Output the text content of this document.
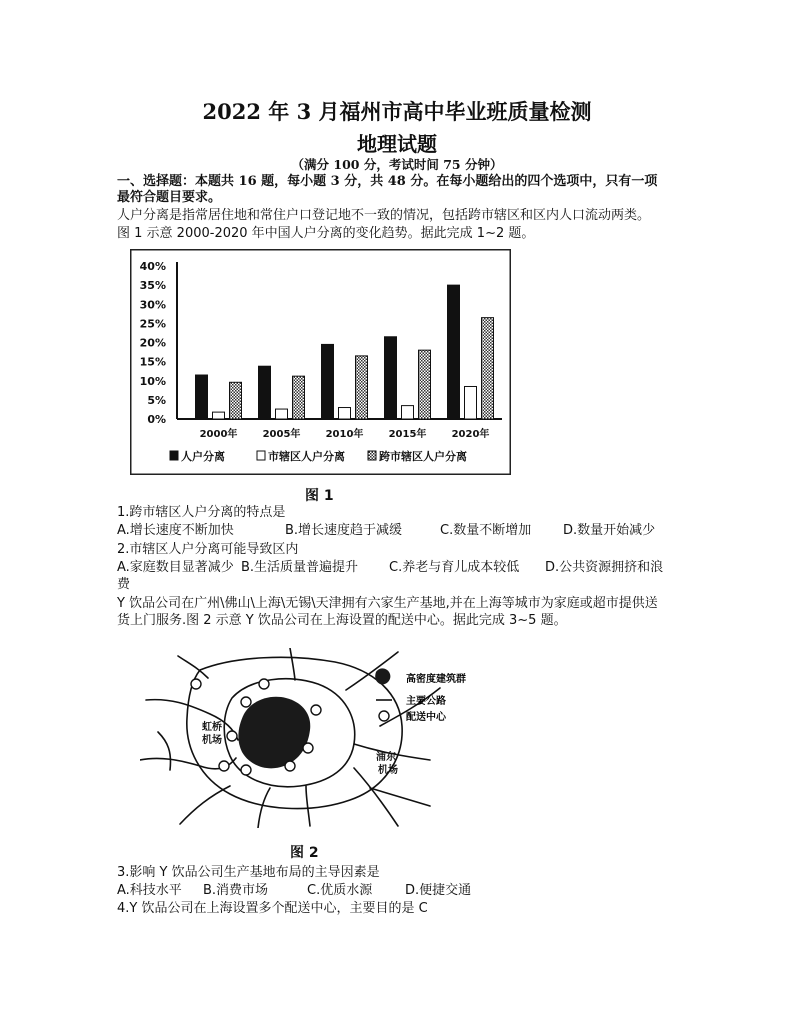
2022 年 3 月福州市高中毕业班质量检测
地理试题
（满分 100 分，考试时间 75 分钟）
一、选择题：本题共 16 题，每小题 3 分，共 48 分。在每小题给出的四个选项中，只有一项
最符合题目要求。
人户分离是指常居住地和常住户口登记地不一致的情况，包括跨市辖区和区内人口流动两类。
图 1 示意 2000-2020 年中国人户分离的变化趋势。据此完成 1~2 题。
0%
5%
10%
15%
20%
25%
30%
35%
40%
2000年	2005年	2010年	2015年	2020年
人户分离	市辖区人户分离	跨市辖区人户分离
图 1
1.跨市辖区人户分离的特点是
A.增长速度不断加快	B.增长速度趋于减缓	C.数量不断增加 D.数量开始减少
2.市辖区人户分离可能导致区内
A.家庭数目显著减少 B.生活质量普遍提升 C.养老与育儿成本较低 D.公共资源拥挤和浪
费
Y 饮品公司在广州\佛山\上海\无锡\天津拥有六家生产基地,并在上海等城市为家庭或超市提供送
货上门服务.图 2 示意 Y 饮品公司在上海设置的配送中心。据此完成 3~5 题。
虹桥
机场
浦东
机场
高密度建筑群
主要公路
配送中心
图 2
3.影响 Y 饮品公司生产基地布局的主导因素是
A.科技水平 B.消费市场	C.优质水源	D.便捷交通
4.Y 饮品公司在上海设置多个配送中心，主要目的是 C
